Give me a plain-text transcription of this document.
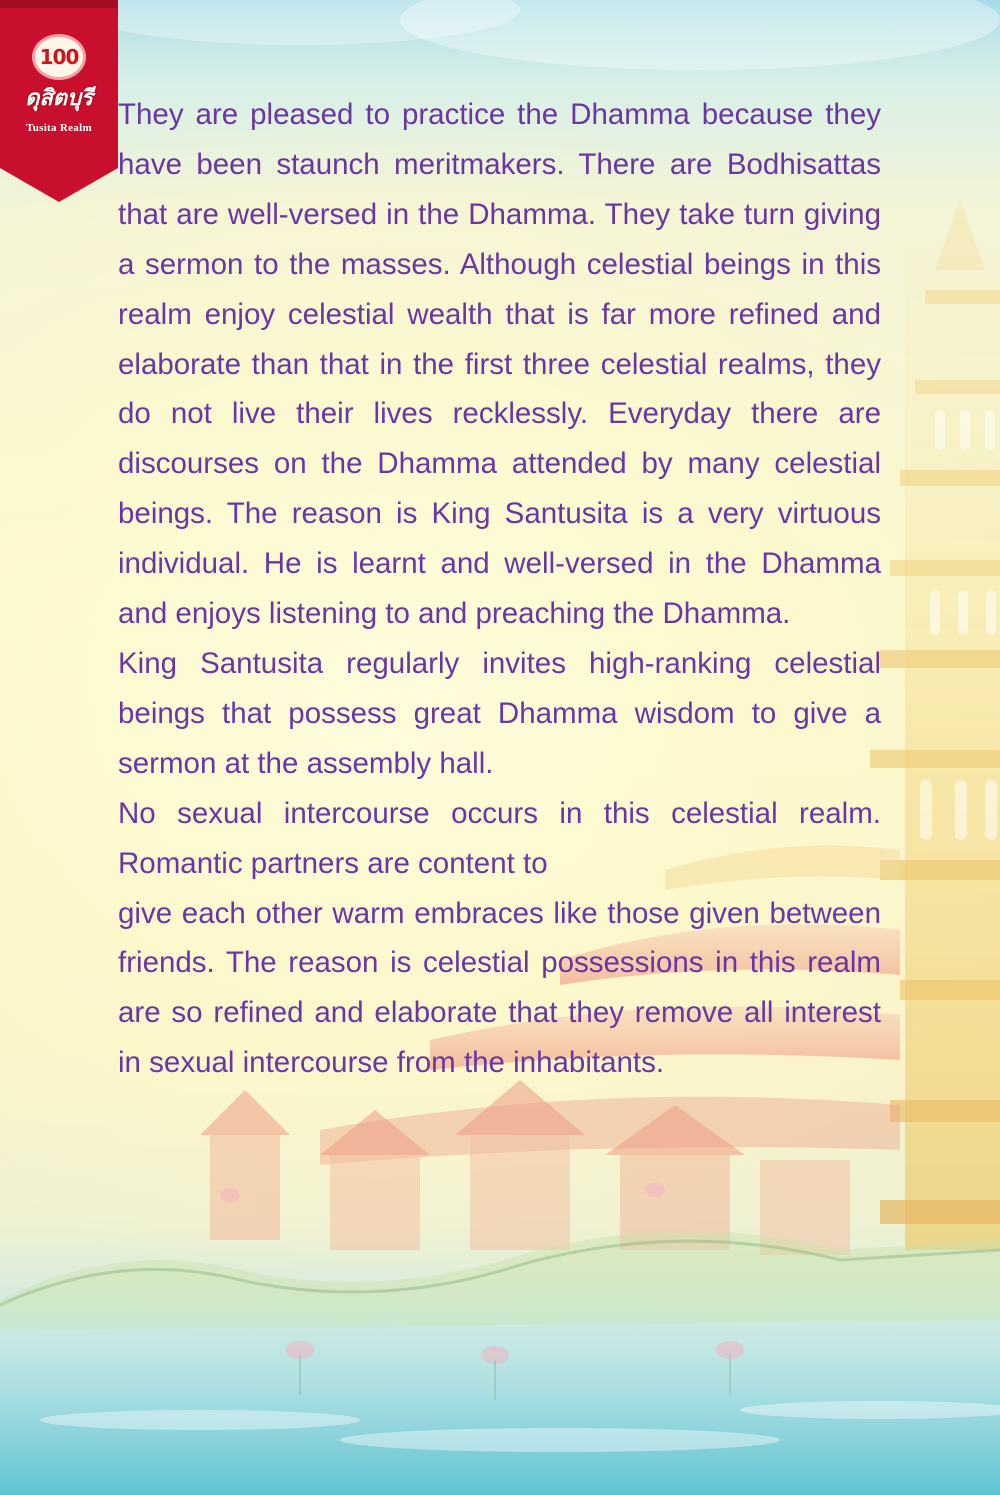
100
ดุสิตบุรี
Tusita Realm They are pleased to practice the Dhamma because they have been staunch meritmakers. There are Bodhisattas that are well-versed in the Dhamma. They take turn giving a sermon to the masses. Although celestial beings in this realm enjoy celestial wealth that is far more refined and elaborate than that in the first three celestial realms, they do not live their lives recklessly. Everyday there are discourses on the Dhamma attended by many celestial beings. The reason is King Santusita is a very virtuous individual. He is learnt and well-versed in the Dhamma and enjoys listening to and preaching the Dhamma.

King Santusita regularly invites high-ranking celestial beings that possess great Dhamma wisdom to give a sermon at the assembly hall.

No sexual intercourse occurs in this celestial realm. Romantic partners are content to

give each other warm embraces like those given between friends. The reason is celestial possessions in this realm are so refined and elaborate that they remove all interest in sexual intercourse from the inhabitants.
